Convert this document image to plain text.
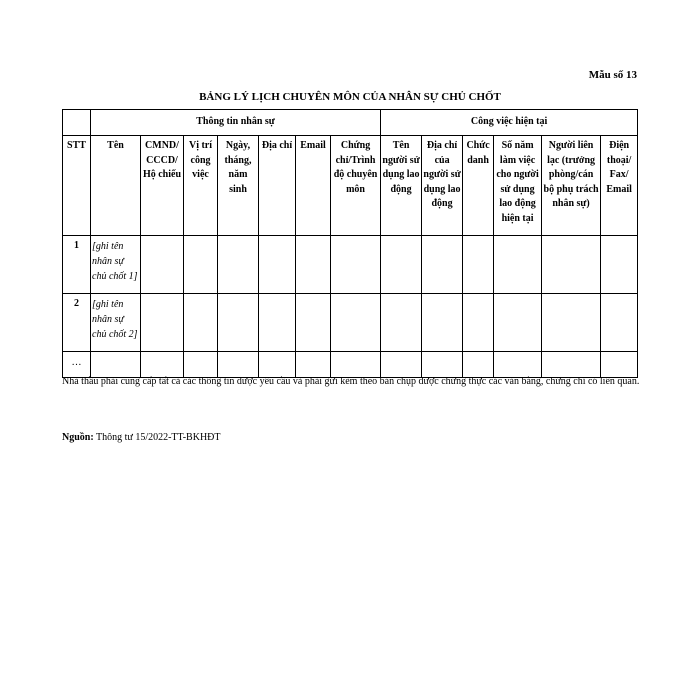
Mẫu số 13
BẢNG LÝ LỊCH CHUYÊN MÔN CỦA NHÂN SỰ CHỦ CHỐT
	Thông tin nhân sự							Công việc hiện tại					
STT	Tên	CMND/ CCCD/ Hộ chiếu	Vị trí công việc	Ngày, tháng, năm sinh	Địa chỉ	Email	Chứng chỉ/Trình độ chuyên môn	Tên người sử dụng lao động	Địa chỉ của người sử dụng lao động	Chức danh	Số năm làm việc cho người sử dụng lao động hiện tại	Người liên lạc (trưởng phòng/cán bộ phụ trách nhân sự)	Điện thoại/ Fax/ Email
1	[ghi tên nhân sự chủ chốt 1]												
2	[ghi tên nhân sự chủ chốt 2]												
…													
Nhà thầu phải cung cấp tất cả các thông tin được yêu cầu và phải gửi kèm theo bản chụp được chứng thực các văn bằng, chứng chỉ có liên quan.
Nguồn: Thông tư 15/2022-TT-BKHĐT
